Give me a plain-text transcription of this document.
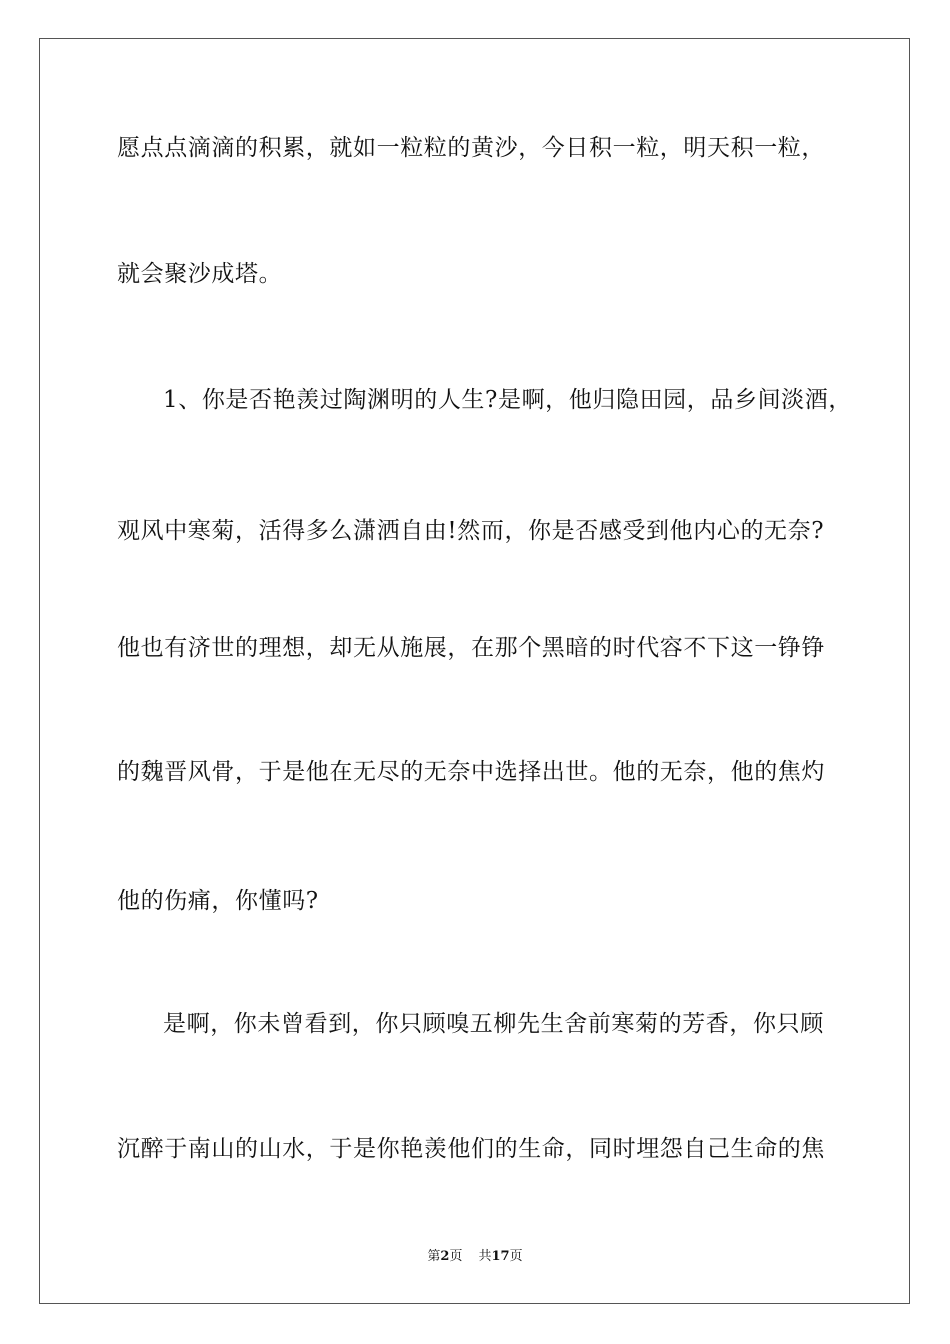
愿点点滴滴的积累，就如一粒粒的黄沙，今日积一粒，明天积一粒，
就会聚沙成塔。
1、你是否艳羡过陶渊明的人生?是啊，他归隐田园，品乡间淡酒，
观风中寒菊，活得多么潇洒自由!然而，你是否感受到他内心的无奈?
他也有济世的理想，却无从施展，在那个黑暗的时代容不下这一铮铮
的魏晋风骨，于是他在无尽的无奈中选择出世。他的无奈，他的焦灼
他的伤痛，你懂吗?
是啊，你未曾看到，你只顾嗅五柳先生舍前寒菊的芳香，你只顾
沉醉于南山的山水，于是你艳羡他们的生命，同时埋怨自己生命的焦
第2页 共17页
